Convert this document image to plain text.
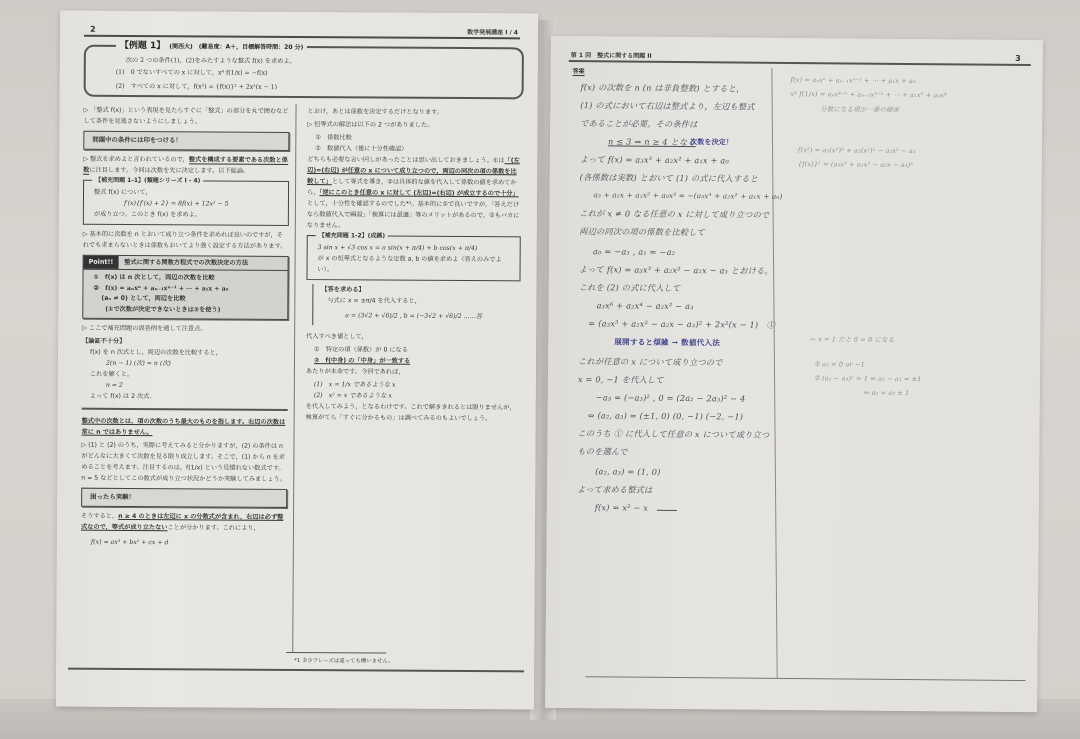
2	数学発展講座 I / 4
【例題 1】 (関西大)　(難易度：A＋，目標解答時間：20 分)
次の 2 つの条件(1)，(2)をみたすような整式 f(x) を求めよ。
(1)　0 でないすべての x に対して，x⁴ f(1/x) = −f(x)
(2)　すべての x に対して，f(x²) = {f(x)}² + 2x²(x − 1)

▷ 「整式 f(x)」という表現を見たらすぐに「整式」の部分を丸で囲むなどして条件を見逃さないようにしましょう。

問題中の条件には印をつける！

▷ 整式を求めよと言われているので，整式を構成する要素である次数と係数に注目します。今回は次数を先に決定します。以下総論。

【補充問題 1-1】(類題シリーズ I - 4)
整式 f(x) について，
f′(x){f′(x) + 2} = 8f(x) + 12x² − 5
が成り立つ。このとき f(x) を求めよ。

▷ 基本的に次数を n とおいて成り立つ条件を求めれば良いのですが，それでも求まらないときは係数もおいてより強く設定する方法があります。

Point!!	整式に関する関数方程式での次数決定の方法
①　f(x) は n 次として，両辺の次数を比較
②　f(x) = aₙxⁿ + aₙ₋₁xⁿ⁻¹ + ⋯ + a₁x + a₀
(aₙ ≠ 0) として，両辺を比較
(①で次数が決定できないときは②を使う)

▷ ここで補充問題の誤答例を通して注意点。

【論証不十分】
f(x) を n 次式とし，両辺の次数を比較すると，
2(n − 1) (次) = n (次)
これを解くと，
n = 2
よって f(x) は 2 次式.

整式中の次数とは，項の次数のうち最大のものを指します。右辺の次数は常に n ではありません。

▷ (1) と (2) のうち，実際に考えてみると分かりますが，(2) の条件は n がどんなに大きくて次数を見る限り成立します。そこで，(1) から n を求めることを考えます。注目するのは，f(1/x) という見慣れない数式です。n = 5 などとしてこの数式が成り立つ状況かどうか実験してみましょう。

困ったら実験！

そうすると，n ≥ 4 のときは左辺に x の分数式が含まれ，右辺は必ず整式なので，等式が成り立たないことが分かります。これにより，

f(x) = ax³ + bx² + cx + d

とおけ，あとは係数を決定するだけとなります。

▷ 恒等式の解法は以下の 2 つがありました。

①　係数比較
②　数値代入（後に十分性確認）

どちらも必要な言い回しがあったことは思い出しておきましょう。①は「(左辺)=(右辺) が任意の x について成り立つので，両辺の同次の項の係数を比較して」として等式を導き，②は具体的な値を代入して係数の値を求めてから，「逆にこのとき任意の x に対して (左辺)=(右辺) が成立するので十分」として，十分性を確認するのでした*¹。基本的に①で良いですが，「答えだけなら数値代入で瞬殺」「検算には最適」等のメリットがあるので，②もバカになりません。

【補充問題 1-2】(成蹊)
3 sin x + √3 cos x = a sin(x + π/4) + b cos(x + π/4)
が x の恒等式となるような定数 a, b の値を求めよ（答えのみでよい）。
【答を求める】
与式に x = ±π/4 を代入すると，
a = (3√2 + √6)/2 , b = (−3√2 + √6)/2 ……答

代入すべき値として，

①　特定の項（係数）が 0 になる
②　f(中身) の「中身」が一致する

あたりが本命です。今回であれば，

(1)　x = 1/x であるような x
(2)　x² = x であるような x

を代入してみよう，となるわけです。これで解ききれるとは限りませんが，検算がてら「すぐに分かるもの」は調べてみるのもよいでしょう。

*1 多少フレーズは違っても構いません。
第 1 回　整式に関する問題 II	3
答案
f(x) の次数を n (n は非負整数) とすると，
(1) の式において右辺は整式より，左辺も整式
であることが必要。その条件は
n ≤ 3 ⇒ n ≥ 4 となる
次数を決定！
よって f(x) = a₃x³ + a₂x² + a₁x + a₀
(各係数は実数) とおいて (1) の式に代入すると
a₃ + a₂x + a₁x² + a₀x³ = −(a₃x³ + a₂x² + a₁x + a₀)
これが x ≠ 0 なる任意の x に対して成り立つので
両辺の同次の項の係数を比較して
a₀ = −a₃ , a₁ = −a₂
よって f(x) = a₃x³ + a₂x² − a₂x − a₃ とおける。
これを (2) の式に代入して
a₃x⁶ + a₂x⁴ − a₂x² − a₃
= (a₃x³ + a₂x² − a₂x − a₃)² + 2x²(x − 1)　①
展開すると煩雑 → 数値代入法
これが任意の x について成り立つので
x = 0, −1 を代入して
−a₃ = (−a₃)² , 0 = (2a₂ − 2a₃)² − 4
⇔ (a₂, a₃) = (±1, 0) (0, −1) (−2, −1)
このうち ① に代入して任意の x について成り立つ
ものを選んで
(a₂, a₃) = (1, 0)
よって求める整式は
f(x) = x² − x
f(x) = aₙxⁿ + aₙ₋₁xⁿ⁻¹ + ⋯ + a₁x + a₀
x⁴ f(1/x) = aₙx⁴⁻ⁿ + aₙ₋₁x⁵⁻ⁿ + ⋯ + a₁x³ + a₀x⁴
分数になる項が一番の障害
f(x²) = a₃(x²)³ + a₂(x²)² − a₂x² − a₃
{f(x)}² = (a₃x³ + a₂x² − a₂x − a₃)²
← x = 1 だと 0 = 0 になる
① a₃ = 0 or −1
② (a₂ − a₃)² = 1 ⇔ a₂ − a₃ = ±1
⇔ a₂ = a₃ ± 1
